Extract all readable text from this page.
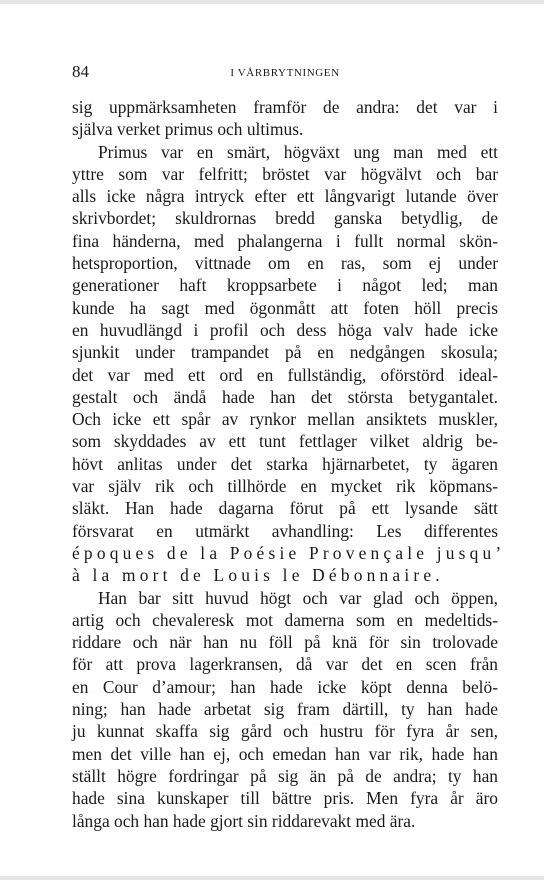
84	I VÅRBRYTNINGEN
sig uppmärksamheten framför de andra: det var i
själva verket primus och ultimus.
Primus var en smärt, högväxt ung man med ett
yttre som var felfritt; bröstet var högvälvt och bar
alls icke några intryck efter ett långvarigt lutande över
skrivbordet; skuldrornas bredd ganska betydlig, de
fina händerna, med phalangerna i fullt normal skön-
hetsproportion, vittnade om en ras, som ej under
generationer haft kroppsarbete i något led; man
kunde ha sagt med ögonmått att foten höll precis
en huvudlängd i profil och dess höga valv hade icke
sjunkit under trampandet på en nedgången skosula;
det var med ett ord en fullständig, oförstörd ideal-
gestalt och ändå hade han det största betygantalet.
Och icke ett spår av rynkor mellan ansiktets muskler,
som skyddades av ett tunt fettlager vilket aldrig be-
hövt anlitas under det starka hjärnarbetet, ty ägaren
var själv rik och tillhörde en mycket rik köpmans-
släkt. Han hade dagarna förut på ett lysande sätt
försvarat en utmärkt avhandling: Les differentes
époques de la Poésie Provençale jusqu’
à la mort de Louis le Débonnaire.
Han bar sitt huvud högt och var glad och öppen,
artig och chevaleresk mot damerna som en medeltids-
riddare och när han nu föll på knä för sin trolovade
för att prova lagerkransen, då var det en scen från
en Cour d’amour; han hade icke köpt denna belö-
ning; han hade arbetat sig fram därtill, ty han hade
ju kunnat skaffa sig gård och hustru för fyra år sen,
men det ville han ej, och emedan han var rik, hade han
ställt högre fordringar på sig än på de andra; ty han
hade sina kunskaper till bättre pris. Men fyra år äro
långa och han hade gjort sin riddarevakt med ära.
